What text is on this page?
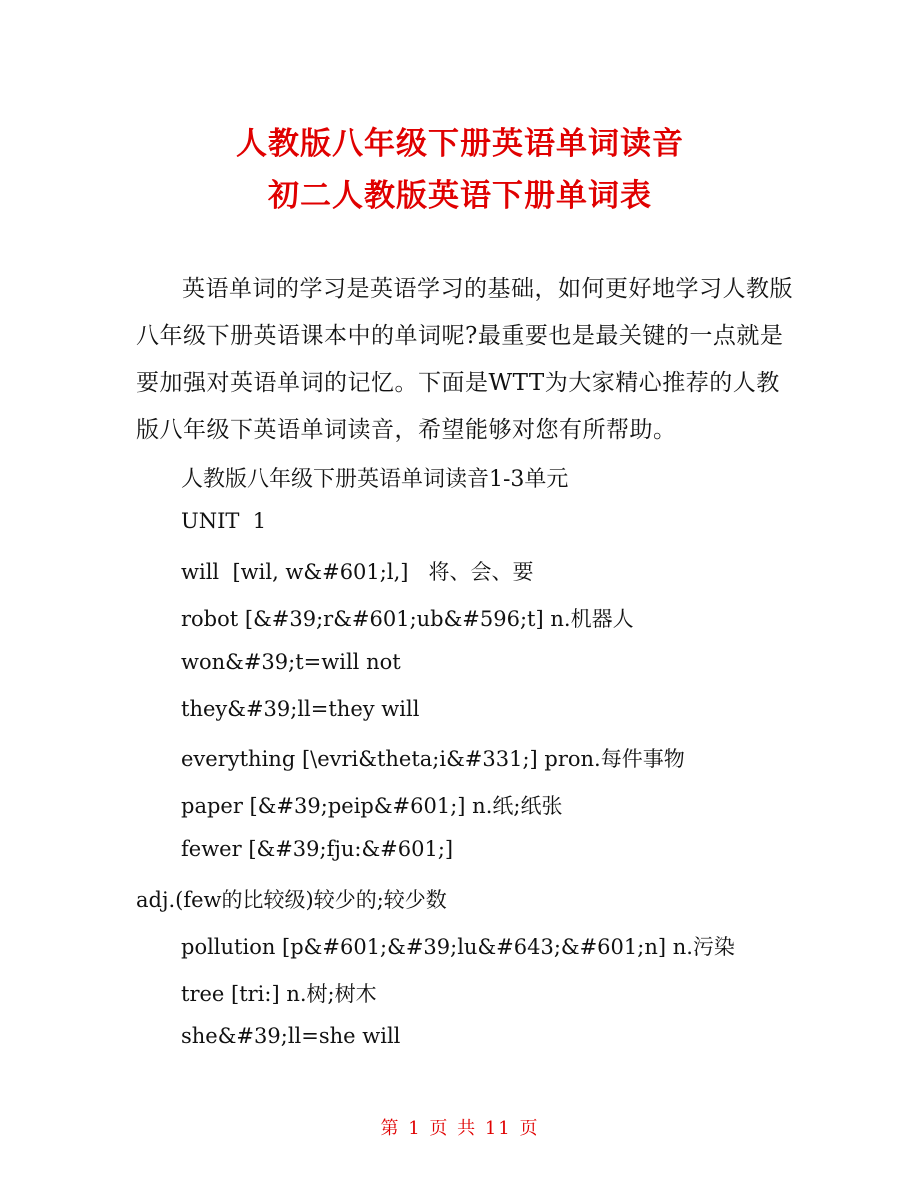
人教版八年级下册英语单词读音
初二人教版英语下册单词表

英语单词的学习是英语学习的基础，如何更好地学习人教版八年级下册英语课本中的单词呢?最重要也是最关键的一点就是要加强对英语单词的记忆。下面是WTT为大家精心推荐的人教版八年级下英语单词读音，希望能够对您有所帮助。

人教版八年级下册英语单词读音1-3单元

UNIT  1

will  [wil, w&#601;l,]   将、会、要

robot [&#39;r&#601;ub&#596;t] n.机器人

won&#39;t=will not

they&#39;ll=they will

everything [\evri&theta;i&#331;] pron.每件事物

paper [&#39;peip&#601;] n.纸;纸张

fewer [&#39;fju:&#601;]

adj.(few的比较级)较少的;较少数

pollution [p&#601;&#39;lu&#643;&#601;n] n.污染

tree [tri:] n.树;树木

she&#39;ll=she will

第 1 页 共 11 页
